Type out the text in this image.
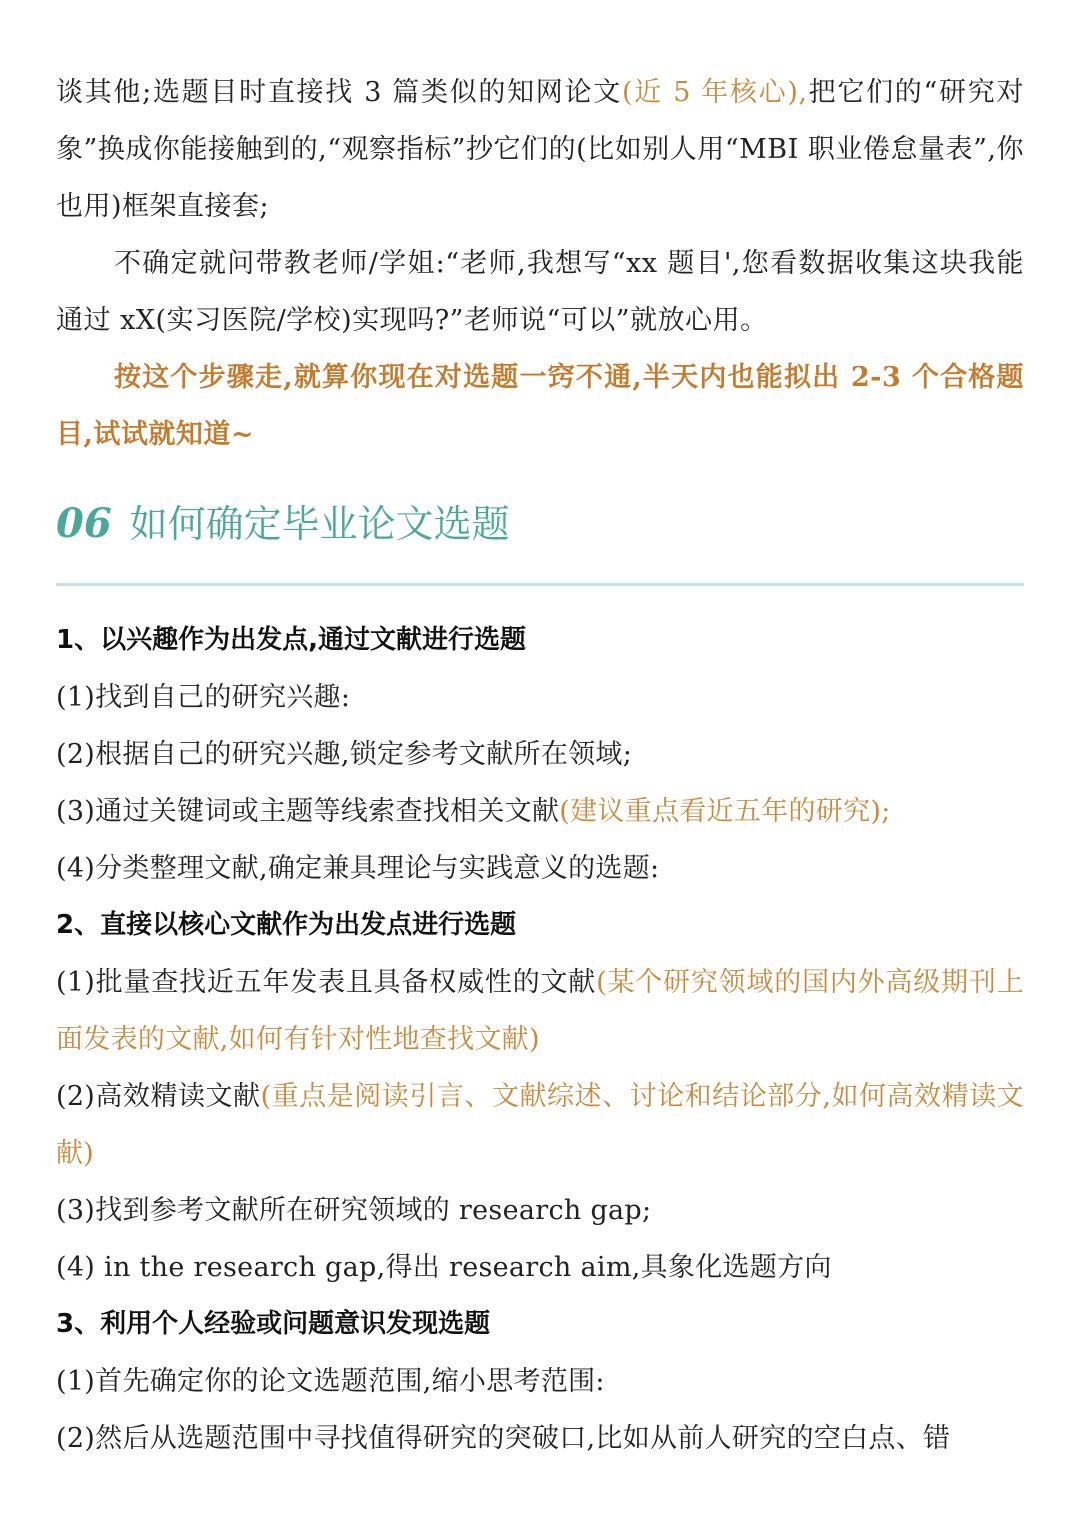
谈其他;选题目时直接找 3 篇类似的知网论文(近 5 年核心),把它们的“研究对象”换成你能接触到的,“观察指标”抄它们的(比如别人用“MBI 职业倦怠量表”,你也用)框架直接套;

不确定就问带教老师/学姐:“老师,我想写“xx 题目',您看数据收集这块我能通过 xX(实习医院/学校)实现吗?”老师说“可以”就放心用。

按这个步骤走,就算你现在对选题一窍不通,半天内也能拟出 2-3 个合格题目,试试就知道~

06 如何确定毕业论文选题

1、以兴趣作为出发点,通过文献进行选题

(1)找到自己的研究兴趣:

(2)根据自己的研究兴趣,锁定参考文献所在领域;

(3)通过关键词或主题等线索查找相关文献(建议重点看近五年的研究);

(4)分类整理文献,确定兼具理论与实践意义的选题:

2、直接以核心文献作为出发点进行选题

(1)批量查找近五年发表且具备权威性的文献(某个研究领域的国内外高级期刊上面发表的文献,如何有针对性地查找文献)

(2)高效精读文献(重点是阅读引言、文献综述、讨论和结论部分,如何高效精读文献)

(3)找到参考文献所在研究领域的 research gap;

(4) in the research gap,得出 research aim,具象化选题方向

3、利用个人经验或问题意识发现选题

(1)首先确定你的论文选题范围,缩小思考范围:

(2)然后从选题范围中寻找值得研究的突破口,比如从前人研究的空白点、错
